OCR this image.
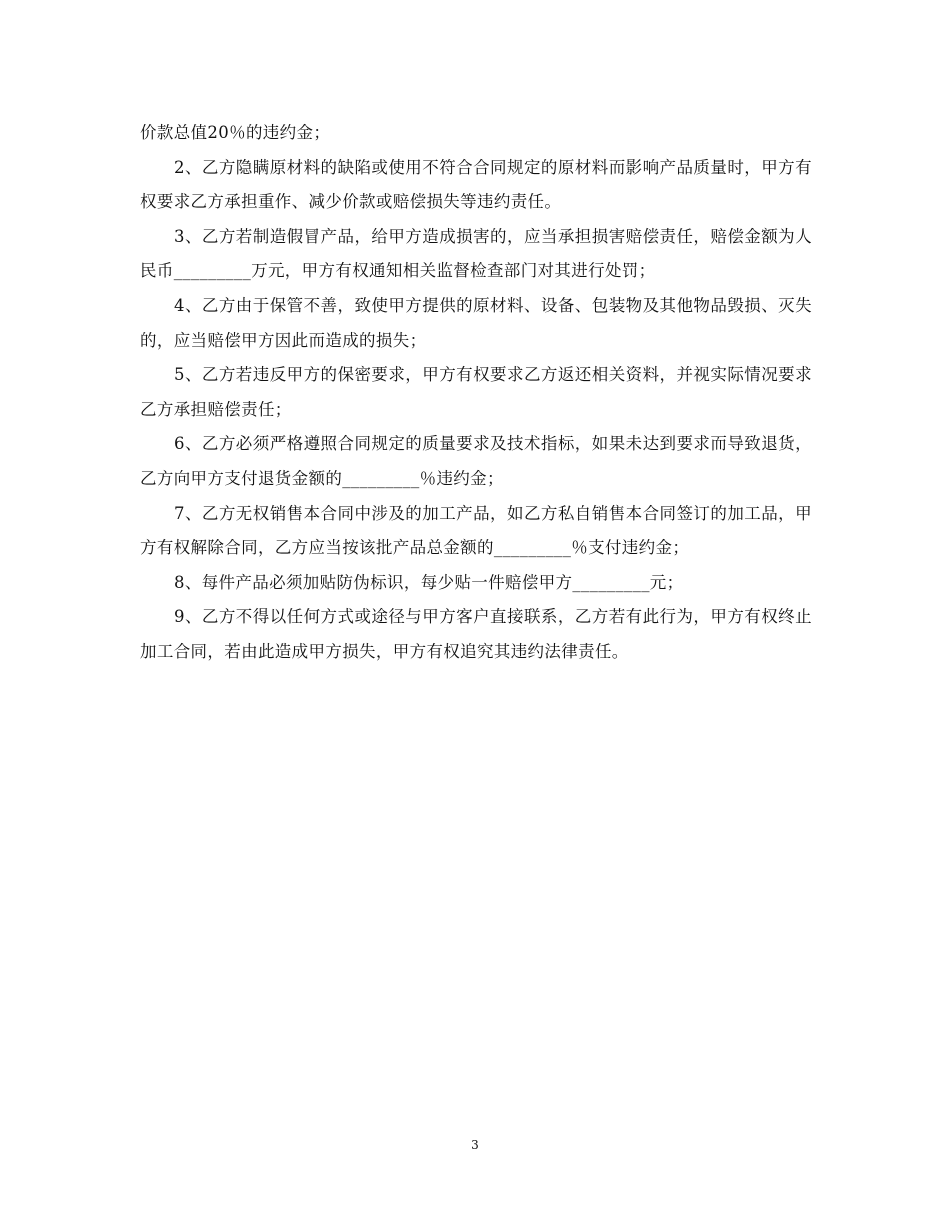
价款总值20％的违约金；

2、乙方隐瞒原材料的缺陷或使用不符合合同规定的原材料而影响产品质量时，甲方有权要求乙方承担重作、减少价款或赔偿损失等违约责任。

3、乙方若制造假冒产品，给甲方造成损害的，应当承担损害赔偿责任，赔偿金额为人民币_________万元，甲方有权通知相关监督检查部门对其进行处罚；

4、乙方由于保管不善，致使甲方提供的原材料、设备、包装物及其他物品毁损、灭失的，应当赔偿甲方因此而造成的损失；

5、乙方若违反甲方的保密要求，甲方有权要求乙方返还相关资料，并视实际情况要求乙方承担赔偿责任；

6、乙方必须严格遵照合同规定的质量要求及技术指标，如果未达到要求而导致退货，乙方向甲方支付退货金额的_________％违约金；

7、乙方无权销售本合同中涉及的加工产品，如乙方私自销售本合同签订的加工品，甲方有权解除合同，乙方应当按该批产品总金额的_________％支付违约金；

8、每件产品必须加贴防伪标识，每少贴一件赔偿甲方_________元；

9、乙方不得以任何方式或途径与甲方客户直接联系，乙方若有此行为，甲方有权终止加工合同，若由此造成甲方损失，甲方有权追究其违约法律责任。

3
